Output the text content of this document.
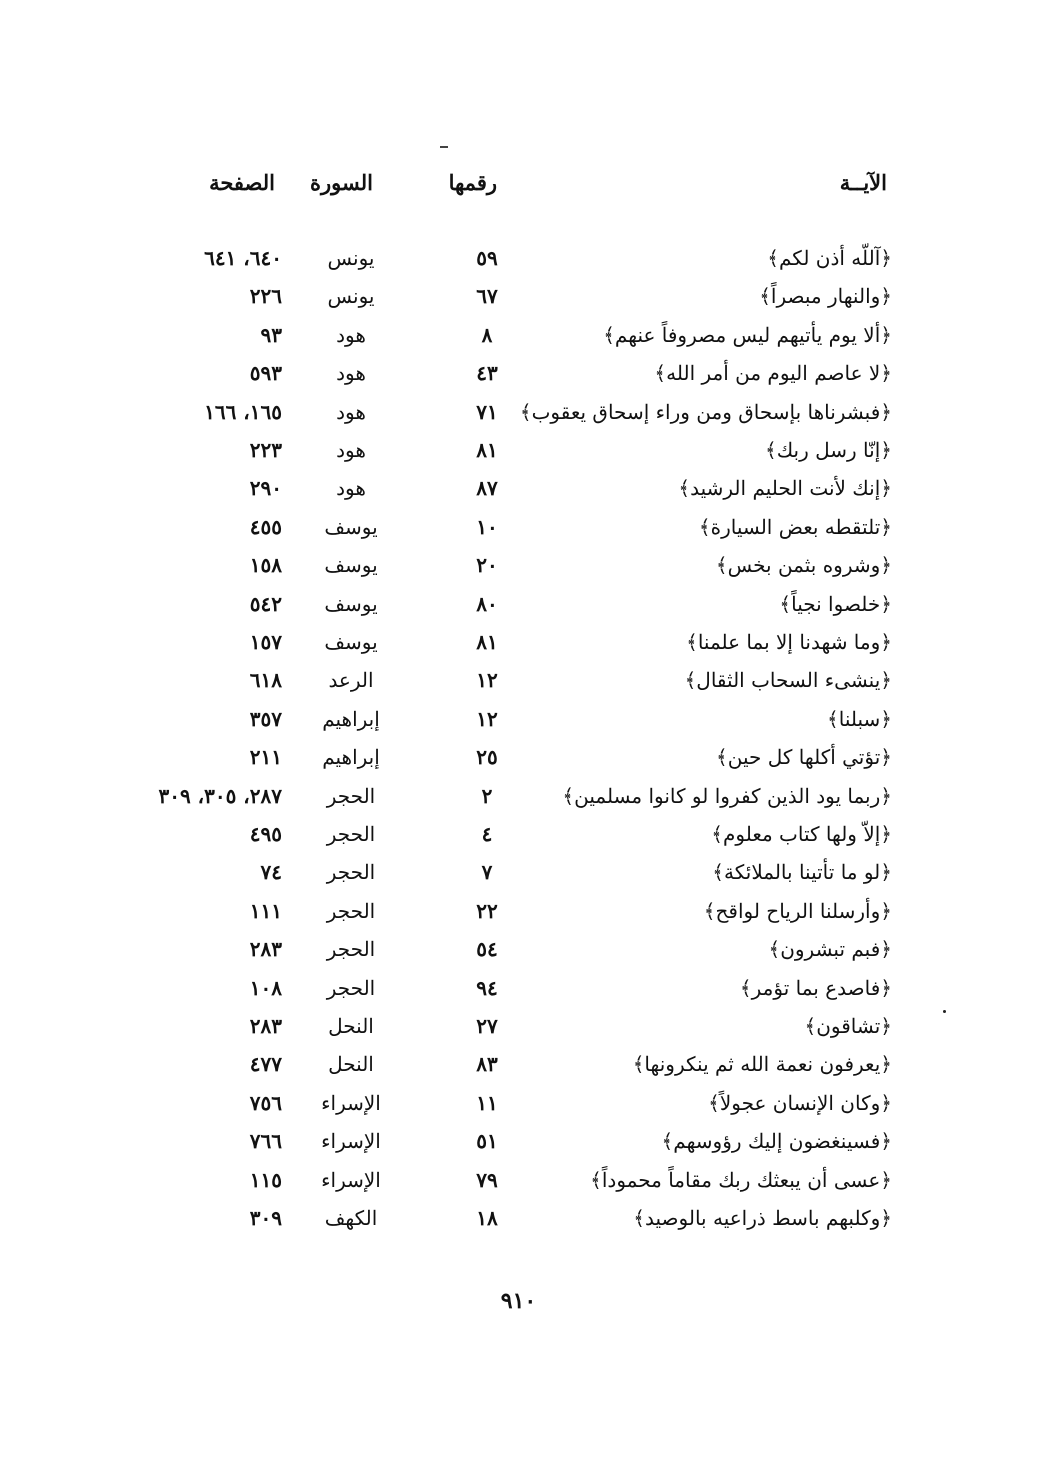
الآيــة
رقمها
السورة
الصفحة
﴿آللّه أذن لكم﴾
٥٩
يونس
٦٤٠، ٦٤١
﴿والنهار مبصراً﴾
٦٧
يونس
٢٢٦
﴿ألا يوم يأتيهم ليس مصروفاً عنهم﴾
٨
هود
٩٣
﴿لا عاصم اليوم من أمر الله﴾
٤٣
هود
٥٩٣
﴿فبشرناها بإسحاق ومن وراء إسحاق يعقوب﴾
٧١
هود
١٦٥، ١٦٦
﴿إنّا رسل ربك﴾
٨١
هود
٢٢٣
﴿إنك لأنت الحليم الرشيد﴾
٨٧
هود
٢٩٠
﴿تلتقطه بعض السيارة﴾
١٠
يوسف
٤٥٥
﴿وشروه بثمن بخس﴾
٢٠
يوسف
١٥٨
﴿خلصوا نجياً﴾
٨٠
يوسف
٥٤٢
﴿وما شهدنا إلا بما علمنا﴾
٨١
يوسف
١٥٧
﴿ينشىء السحاب الثقال﴾
١٢
الرعد
٦١٨
﴿سبلنا﴾
١٢
إبراهيم
٣٥٧
﴿تؤتي أكلها كل حين﴾
٢٥
إبراهيم
٢١١
﴿ربما يود الذين كفروا لو كانوا مسلمين﴾
٢
الحجر
٢٨٧، ٣٠٥، ٣٠٩
﴿إلاّ ولها كتاب معلوم﴾
٤
الحجر
٤٩٥
﴿لو ما تأتينا بالملائكة﴾
٧
الحجر
٧٤
﴿وأرسلنا الرياح لواقح﴾
٢٢
الحجر
١١١
﴿فبم تبشرون﴾
٥٤
الحجر
٢٨٣
﴿فاصدع بما تؤمر﴾
٩٤
الحجر
١٠٨
﴿تشاقون﴾
٢٧
النحل
٢٨٣
﴿يعرفون نعمة الله ثم ينكرونها﴾
٨٣
النحل
٤٧٧
﴿وكان الإنسان عجولاً﴾
١١
الإسراء
٧٥٦
﴿فسينغضون إليك رؤوسهم﴾
٥١
الإسراء
٧٦٦
﴿عسى أن يبعثك ربك مقاماً محموداً﴾
٧٩
الإسراء
١١٥
﴿وكلبهم باسط ذراعيه بالوصيد﴾
١٨
الكهف
٣٠٩
٩١٠
